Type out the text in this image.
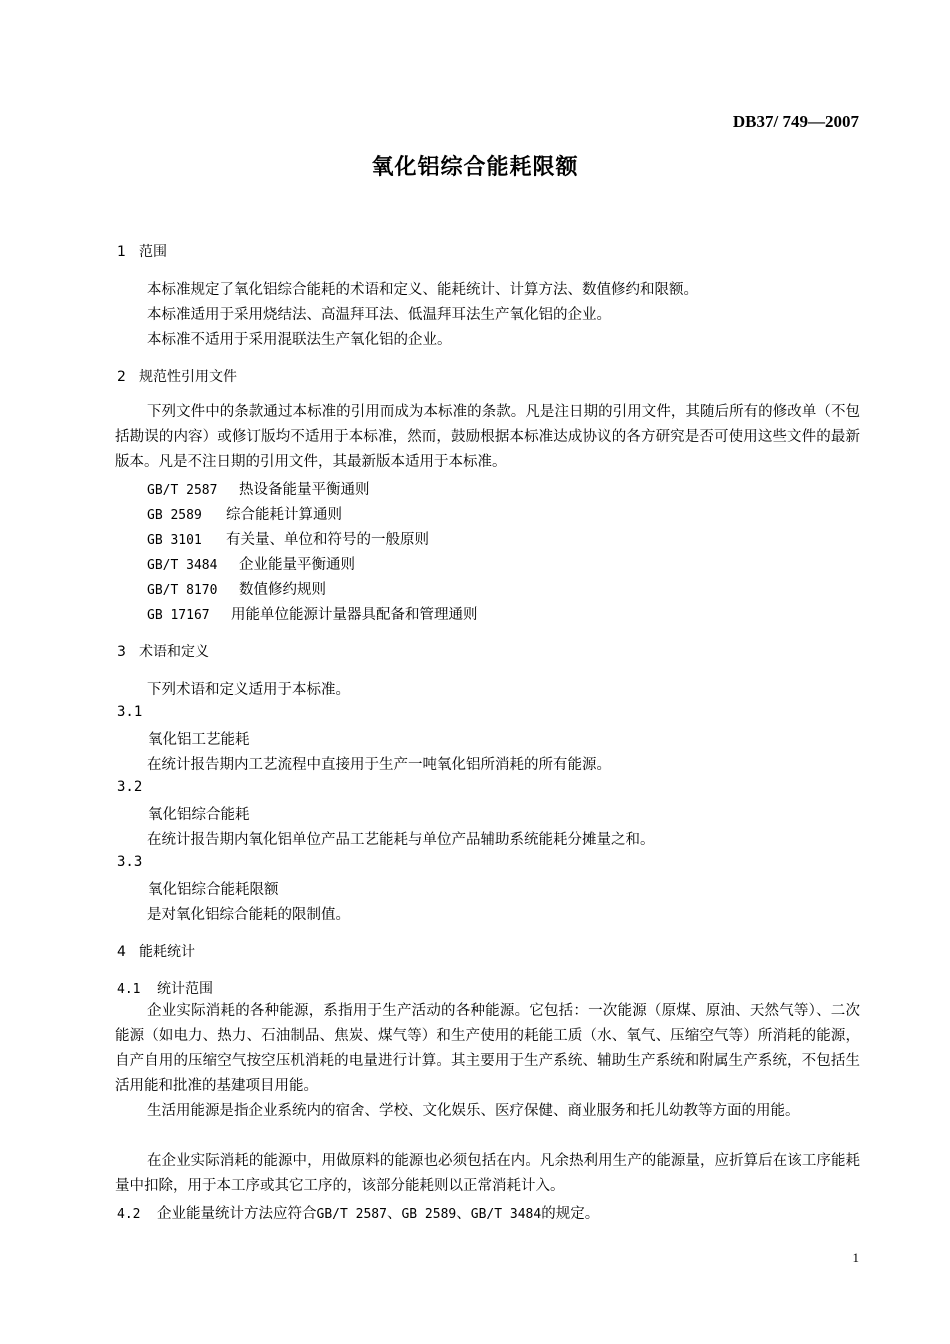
DB37/ 749—2007
氧化铝综合能耗限额
1 范围
本标准规定了氧化铝综合能耗的术语和定义、能耗统计、计算方法、数值修约和限额。
本标准适用于采用烧结法、高温拜耳法、低温拜耳法生产氧化铝的企业。
本标准不适用于采用混联法生产氧化铝的企业。
2 规范性引用文件
下列文件中的条款通过本标准的引用而成为本标准的条款。凡是注日期的引用文件，其随后所有的修改单（不包括勘误的内容）或修订版均不适用于本标准，然而，鼓励根据本标准达成协议的各方研究是否可使用这些文件的最新版本。凡是不注日期的引用文件，其最新版本适用于本标准。
GB/T 2587 热设备能量平衡通则
GB 2589 综合能耗计算通则
GB 3101 有关量、单位和符号的一般原则
GB/T 3484 企业能量平衡通则
GB/T 8170 数值修约规则
GB 17167 用能单位能源计量器具配备和管理通则
3 术语和定义
下列术语和定义适用于本标准。
3.1
氧化铝工艺能耗
在统计报告期内工艺流程中直接用于生产一吨氧化铝所消耗的所有能源。
3.2
氧化铝综合能耗
在统计报告期内氧化铝单位产品工艺能耗与单位产品辅助系统能耗分摊量之和。
3.3
氧化铝综合能耗限额
是对氧化铝综合能耗的限制值。
4 能耗统计
4.1 统计范围
企业实际消耗的各种能源，系指用于生产活动的各种能源。它包括：一次能源（原煤、原油、天然气等）、二次能源（如电力、热力、石油制品、焦炭、煤气等）和生产使用的耗能工质（水、氧气、压缩空气等）所消耗的能源，自产自用的压缩空气按空压机消耗的电量进行计算。其主要用于生产系统、辅助生产系统和附属生产系统，不包括生活用能和批准的基建项目用能。
生活用能源是指企业系统内的宿舍、学校、文化娱乐、医疗保健、商业服务和托儿幼教等方面的用能。
在企业实际消耗的能源中，用做原料的能源也必须包括在内。凡余热利用生产的能源量，应折算后在该工序能耗量中扣除，用于本工序或其它工序的，该部分能耗则以正常消耗计入。
4.2 企业能量统计方法应符合GB/T 2587、GB 2589、GB/T 3484的规定。
1
